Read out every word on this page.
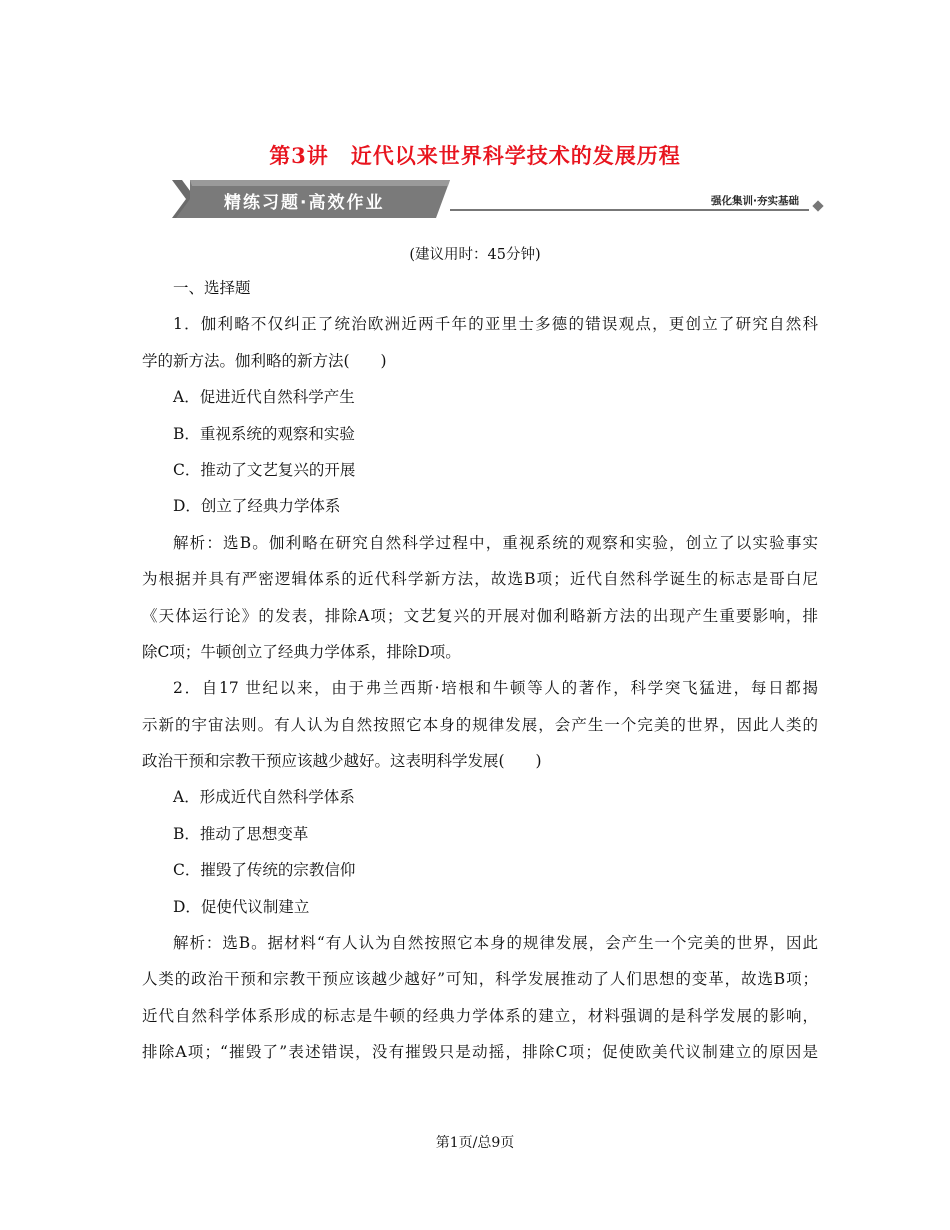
第3讲　近代以来世界科学技术的发展历程
精练习题·高效作业	强化集训·夯实基础

(建议用时：45分钟)

一、选择题

1．伽利略不仅纠正了统治欧洲近两千年的亚里士多德的错误观点，更创立了研究自然科

学的新方法。伽利略的新方法(　　)

A．促进近代自然科学产生

B．重视系统的观察和实验

C．推动了文艺复兴的开展

D．创立了经典力学体系

解析：选B。伽利略在研究自然科学过程中，重视系统的观察和实验，创立了以实验事实

为根据并具有严密逻辑体系的近代科学新方法，故选B项；近代自然科学诞生的标志是哥白尼

《天体运行论》的发表，排除A项；文艺复兴的开展对伽利略新方法的出现产生重要影响，排

除C项；牛顿创立了经典力学体系，排除D项。

2．自17 世纪以来，由于弗兰西斯·培根和牛顿等人的著作，科学突飞猛进，每日都揭

示新的宇宙法则。有人认为自然按照它本身的规律发展，会产生一个完美的世界，因此人类的

政治干预和宗教干预应该越少越好。这表明科学发展(　　)

A．形成近代自然科学体系

B．推动了思想变革

C．摧毁了传统的宗教信仰

D．促使代议制建立

解析：选B。据材料“有人认为自然按照它本身的规律发展，会产生一个完美的世界，因此

人类的政治干预和宗教干预应该越少越好”可知，科学发展推动了人们思想的变革，故选B项；

近代自然科学体系形成的标志是牛顿的经典力学体系的建立，材料强调的是科学发展的影响，

排除A项；“摧毁了”表述错误，没有摧毁只是动摇，排除C项；促使欧美代议制建立的原因是

第1页/总9页
